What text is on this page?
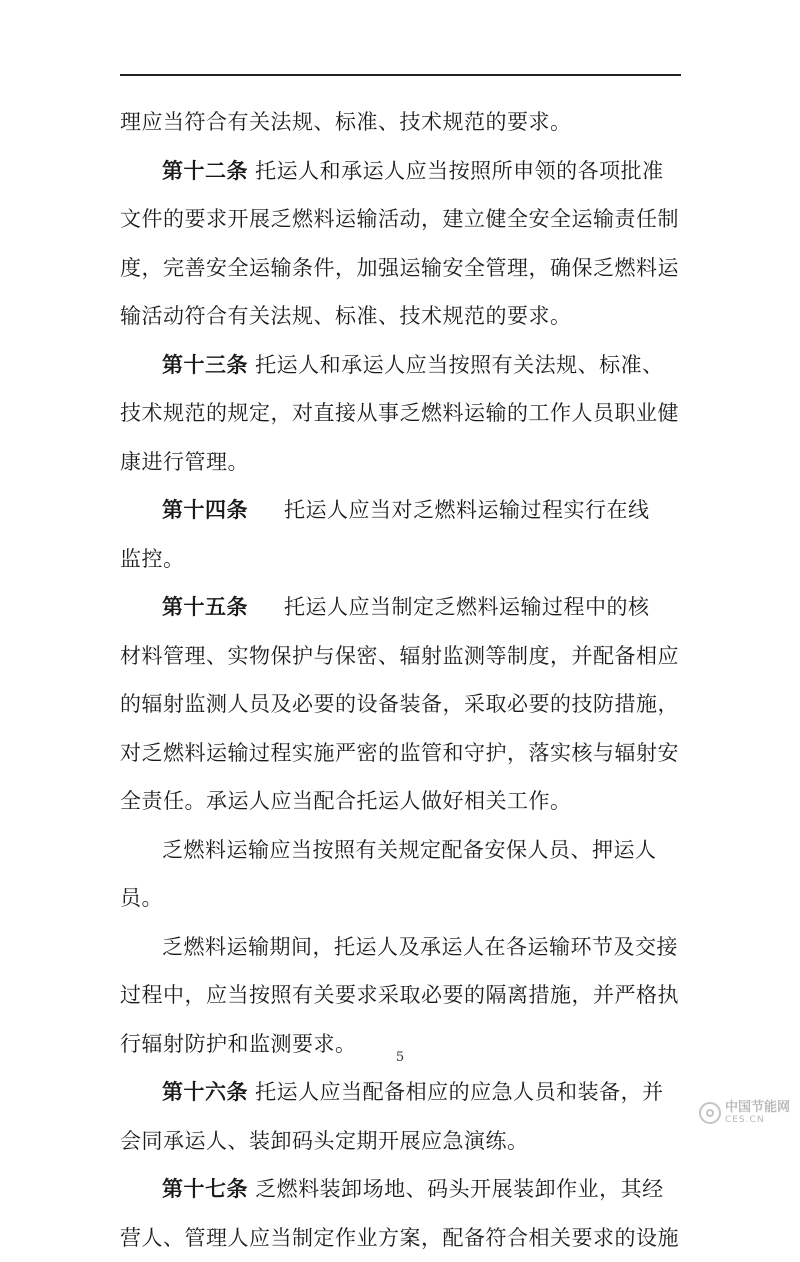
理应当符合有关法规、标准、技术规范的要求。

第十二条 托运人和承运人应当按照所申领的各项批准

文件的要求开展乏燃料运输活动，建立健全安全运输责任制

度，完善安全运输条件，加强运输安全管理，确保乏燃料运

输活动符合有关法规、标准、技术规范的要求。

第十三条 托运人和承运人应当按照有关法规、标准、

技术规范的规定，对直接从事乏燃料运输的工作人员职业健

康进行管理。

第十四条 托运人应当对乏燃料运输过程实行在线

监控。

第十五条 托运人应当制定乏燃料运输过程中的核

材料管理、实物保护与保密、辐射监测等制度，并配备相应

的辐射监测人员及必要的设备装备，采取必要的技防措施，

对乏燃料运输过程实施严密的监管和守护，落实核与辐射安

全责任。承运人应当配合托运人做好相关工作。

乏燃料运输应当按照有关规定配备安保人员、押运人

员。

乏燃料运输期间，托运人及承运人在各运输环节及交接

过程中，应当按照有关要求采取必要的隔离措施，并严格执

行辐射防护和监测要求。

第十六条 托运人应当配备相应的应急人员和装备，并

会同承运人、装卸码头定期开展应急演练。

第十七条 乏燃料装卸场地、码头开展装卸作业，其经

营人、管理人应当制定作业方案，配备符合相关要求的设施

5
中国节能网
CES.CN
